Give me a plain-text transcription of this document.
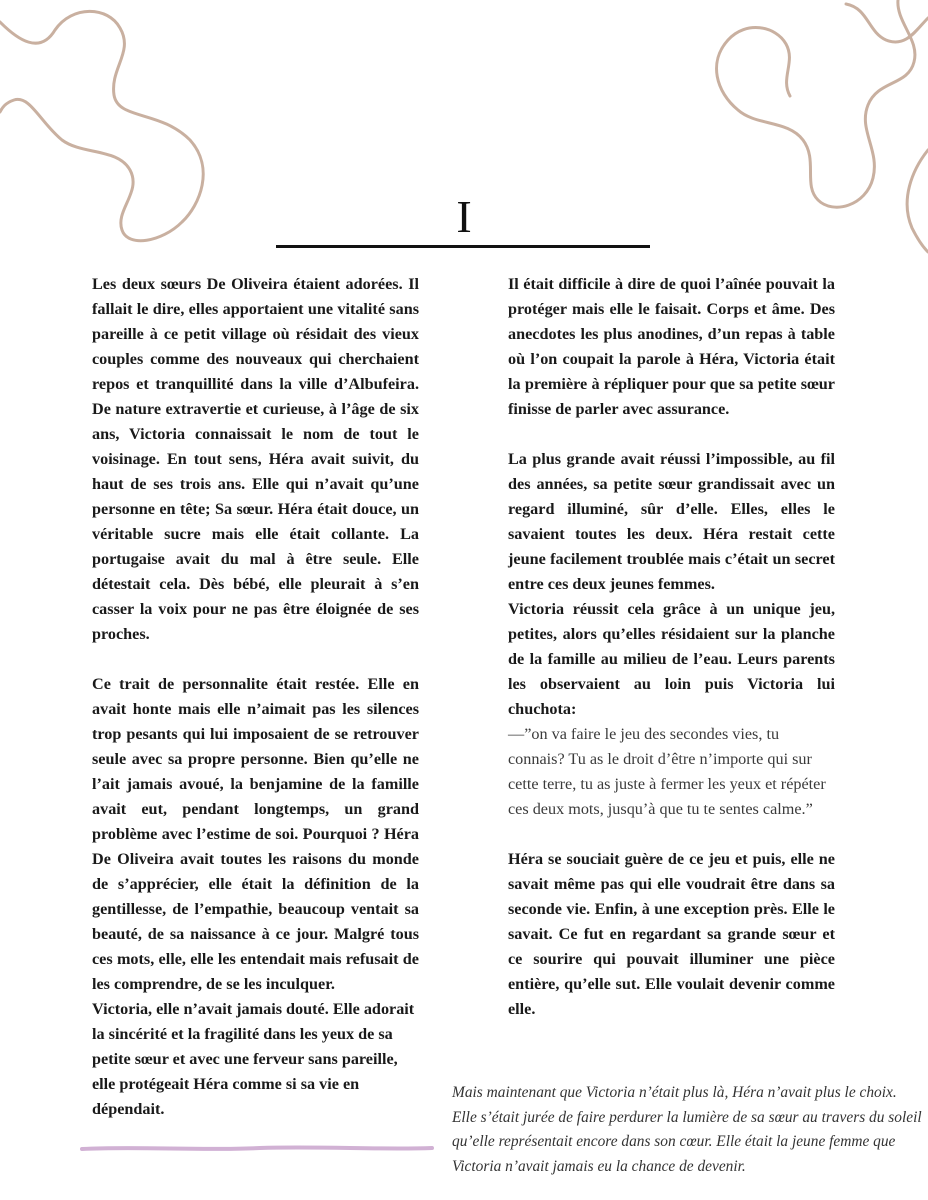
I

Les deux sœurs De Oliveira étaient adorées. Il fallait le dire, elles apportaient une vitalité sans pareille à ce petit village où résidait des vieux couples comme des nouveaux qui cherchaient repos et tranquillité dans la ville d’Albufeira. De nature extravertie et curieuse, à l’âge de six ans, Victoria connaissait le nom de tout le voisinage. En tout sens, Héra avait suivit, du haut de ses trois ans. Elle qui n’avait qu’une personne en tête; Sa sœur. Héra était douce, un véritable sucre mais elle était collante. La portugaise avait du mal à être seule. Elle détestait cela. Dès bébé, elle pleurait à s’en casser la voix pour ne pas être éloignée de ses proches.

Ce trait de personnalite était restée. Elle en avait honte mais elle n’aimait pas les silences trop pesants qui lui imposaient de se retrouver seule avec sa propre personne. Bien qu’elle ne l’ait jamais avoué, la benjamine de la famille avait eut, pendant longtemps, un grand problème avec l’estime de soi. Pourquoi ? Héra De Oliveira avait toutes les raisons du monde de s’apprécier, elle était la définition de la gentillesse, de l’empathie, beaucoup ventait sa beauté, de sa naissance à ce jour. Malgré tous ces mots, elle, elle les entendait mais refusait de les comprendre, de se les inculquer.

Victoria, elle n’avait jamais douté. Elle adorait la sincérité et la fragilité dans les yeux de sa petite sœur et avec une ferveur sans pareille, elle protégeait Héra comme si sa vie en dépendait.

Il était difficile à dire de quoi l’aînée pouvait la protéger mais elle le faisait. Corps et âme. Des anecdotes les plus anodines, d’un repas à table où l’on coupait la parole à Héra, Victoria était la première à répliquer pour que sa petite sœur finisse de parler avec assurance.

La plus grande avait réussi l’impossible, au fil des années, sa petite sœur grandissait avec un regard illuminé, sûr d’elle. Elles, elles le savaient toutes les deux. Héra restait cette jeune facilement troublée mais c’était un secret entre ces deux jeunes femmes.

Victoria réussit cela grâce à un unique jeu, petites, alors qu’elles résidaient sur la planche de la famille au milieu de l’eau. Leurs parents les observaient au loin puis Victoria lui chuchota:

—”on va faire le jeu des secondes vies, tu connais? Tu as le droit d’être n’importe qui sur cette terre, tu as juste à fermer les yeux et répéter ces deux mots, jusqu’à que tu te sentes calme.”

Héra se souciait guère de ce jeu et puis, elle ne savait même pas qui elle voudrait être dans sa seconde vie. Enfin, à une exception près. Elle le savait. Ce fut en regardant sa grande sœur et ce sourire qui pouvait illuminer une pièce entière, qu’elle sut. Elle voulait devenir comme elle.

Mais maintenant que Victoria n’était plus là, Héra n’avait plus le choix. Elle s’était jurée de faire perdurer la lumière de sa sœur au travers du soleil qu’elle représentait encore dans son cœur. Elle était la jeune femme que Victoria n’avait jamais eu la chance de devenir.
